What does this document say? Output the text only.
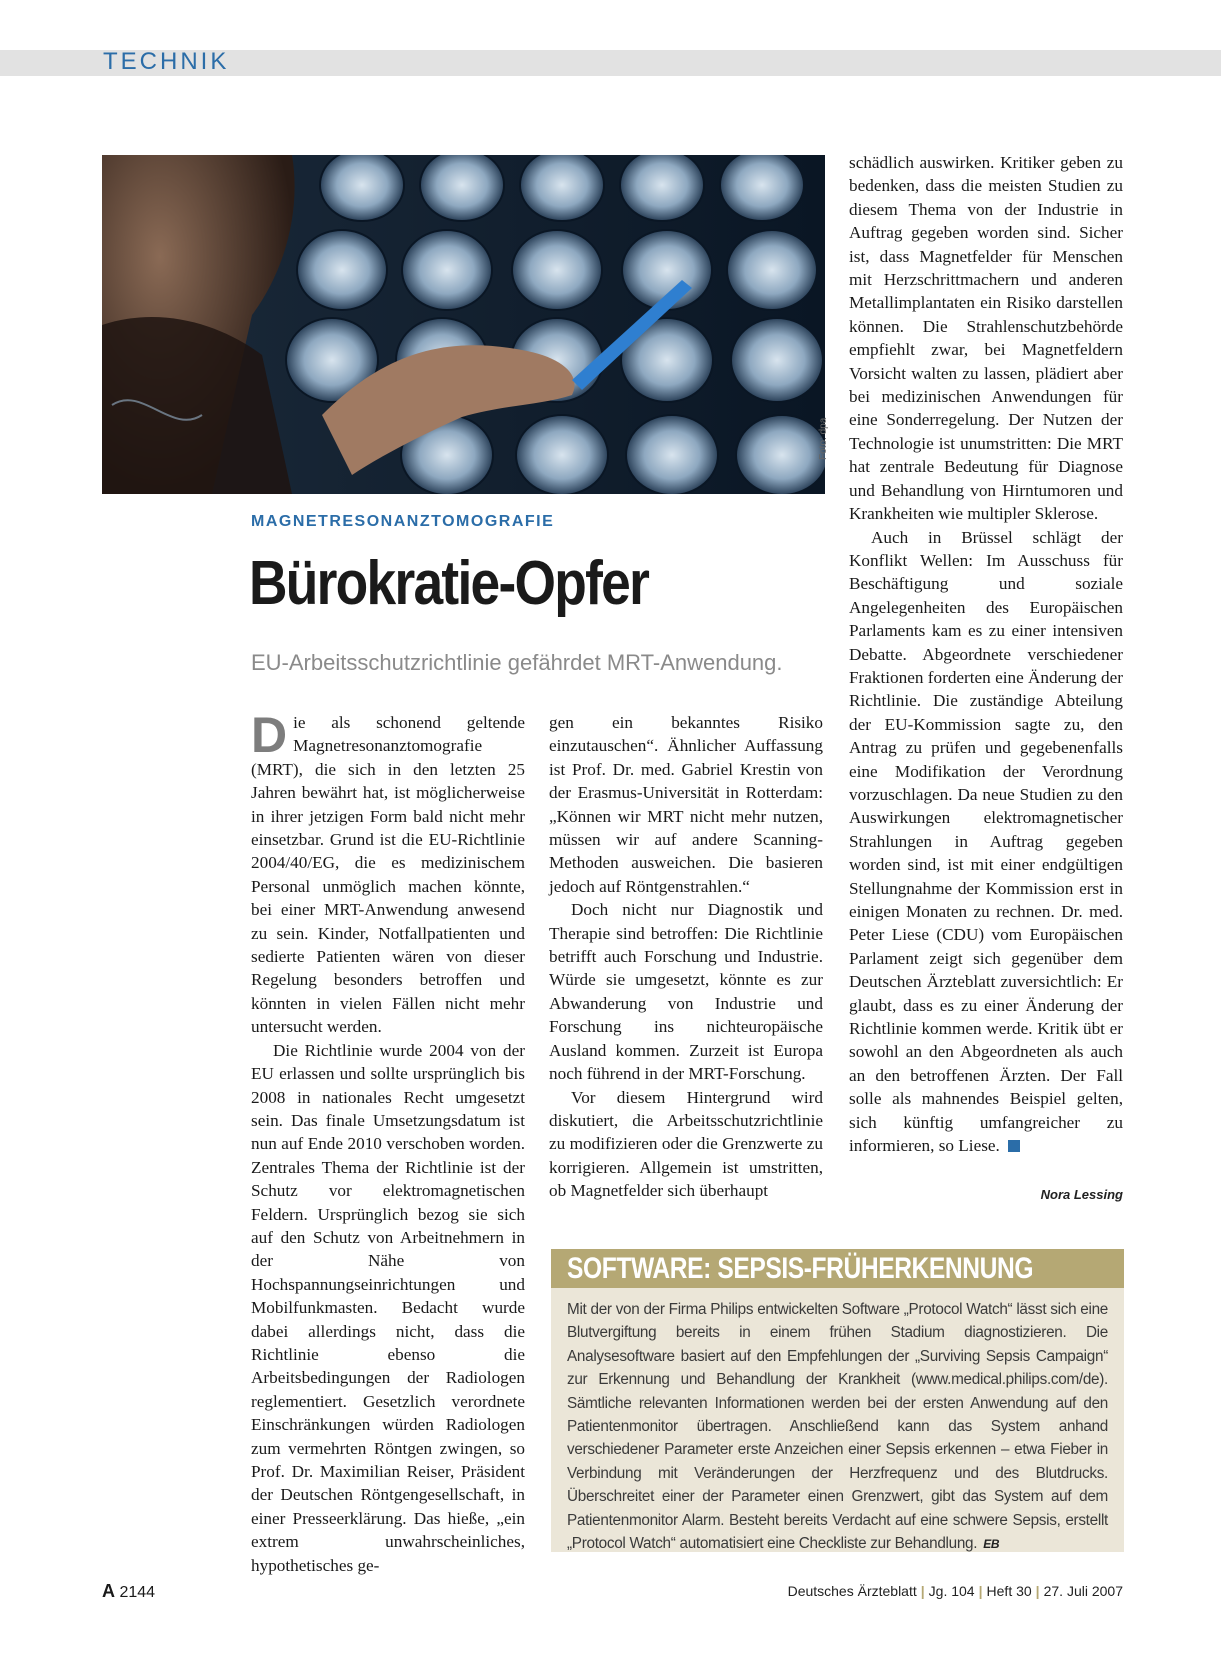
TECHNIK
Foto: dpa
MAGNETRESONANZTOMOGRAFIE
Bürokratie-Opfer
EU-Arbeitsschutzrichtlinie gefährdet MRT-Anwendung.

Die als schonend geltende Magnetresonanztomografie (MRT), die sich in den letzten 25 Jahren bewährt hat, ist möglicherweise in ihrer jetzigen Form bald nicht mehr einsetzbar. Grund ist die EU-Richtlinie 2004/40/EG, die es medizinischem Personal unmöglich machen könnte, bei einer MRT-Anwendung anwesend zu sein. Kinder, Notfallpatienten und sedierte Patienten wären von dieser Regelung besonders betroffen und könnten in vielen Fällen nicht mehr untersucht werden.

Die Richtlinie wurde 2004 von der EU erlassen und sollte ursprünglich bis 2008 in nationales Recht umgesetzt sein. Das finale Umsetzungsdatum ist nun auf Ende 2010 verschoben worden. Zentrales Thema der Richtlinie ist der Schutz vor elektromagnetischen Feldern. Ursprünglich bezog sie sich auf den Schutz von Arbeitnehmern in der Nähe von Hochspannungseinrichtungen und Mobilfunkmasten. Bedacht wurde dabei allerdings nicht, dass die Richtlinie ebenso die Arbeitsbedingungen der Radiologen reglementiert. Gesetzlich verordnete Einschränkungen würden Radiologen zum vermehrten Röntgen zwingen, so Prof. Dr. Maximilian Reiser, Präsident der Deutschen Röntgengesellschaft, in einer Presseerklärung. Das hieße, „ein extrem unwahrscheinliches, hypothetisches ge-

gen ein bekanntes Risiko einzutauschen“. Ähnlicher Auffassung ist Prof. Dr. med. Gabriel Krestin von der Erasmus-Universität in Rotterdam: „Können wir MRT nicht mehr nutzen, müssen wir auf andere Scanning-Methoden ausweichen. Die basieren jedoch auf Röntgenstrahlen.“

Doch nicht nur Diagnostik und Therapie sind betroffen: Die Richtlinie betrifft auch Forschung und Industrie. Würde sie umgesetzt, könnte es zur Abwanderung von Industrie und Forschung ins nichteuropäische Ausland kommen. Zurzeit ist Europa noch führend in der MRT-Forschung.

Vor diesem Hintergrund wird diskutiert, die Arbeitsschutzrichtlinie zu modifizieren oder die Grenzwerte zu korrigieren. Allgemein ist umstritten, ob Magnetfelder sich überhaupt

schädlich auswirken. Kritiker geben zu bedenken, dass die meisten Studien zu diesem Thema von der Industrie in Auftrag gegeben worden sind. Sicher ist, dass Magnetfelder für Menschen mit Herzschrittmachern und anderen Metallimplantaten ein Risiko darstellen können. Die Strahlenschutzbehörde empfiehlt zwar, bei Magnetfeldern Vorsicht walten zu lassen, plädiert aber bei medizinischen Anwendungen für eine Sonderregelung. Der Nutzen der Technologie ist unumstritten: Die MRT hat zentrale Bedeutung für Diagnose und Behandlung von Hirntumoren und Krankheiten wie multipler Sklerose.

Auch in Brüssel schlägt der Konflikt Wellen: Im Ausschuss für Beschäftigung und soziale Angelegenheiten des Europäischen Parlaments kam es zu einer intensiven Debatte. Abgeordnete verschiedener Fraktionen forderten eine Änderung der Richtlinie. Die zuständige Abteilung der EU-Kommission sagte zu, den Antrag zu prüfen und gegebenenfalls eine Modifikation der Verordnung vorzuschlagen. Da neue Studien zu den Auswirkungen elektromagnetischer Strahlungen in Auftrag gegeben worden sind, ist mit einer endgültigen Stellungnahme der Kommission erst in einigen Monaten zu rechnen. Dr. med. Peter Liese (CDU) vom Europäischen Parlament zeigt sich gegenüber dem Deutschen Ärzteblatt zuversichtlich: Er glaubt, dass es zu einer Änderung der Richtlinie kommen werde. Kritik übt er sowohl an den Abgeordneten als auch an den betroffenen Ärzten. Der Fall solle als mahnendes Beispiel gelten, sich künftig umfangreicher zu informieren, so Liese.

Nora Lessing
SOFTWARE: SEPSIS-FRÜHERKENNUNG
Mit der von der Firma Philips entwickelten Software „Protocol Watch“ lässt sich eine Blutvergiftung bereits in einem frühen Stadium diagnostizieren. Die Analysesoftware basiert auf den Empfehlungen der „Surviving Sepsis Campaign“ zur Erkennung und Behandlung der Krankheit (www.medical.philips.com/de). Sämtliche relevanten Informationen werden bei der ersten Anwendung auf den Patientenmonitor übertragen. Anschließend kann das System anhand verschiedener Parameter erste Anzeichen einer Sepsis erkennen – etwa Fieber in Verbindung mit Veränderungen der Herzfrequenz und des Blutdrucks. Überschreitet einer der Parameter einen Grenzwert, gibt das System auf dem Patientenmonitor Alarm. Besteht bereits Verdacht auf eine schwere Sepsis, erstellt „Protocol Watch“ automatisiert eine Checkliste zur Behandlung. EB
A 2144	Deutsches Ärzteblatt | Jg. 104 | Heft 30 | 27. Juli 2007
